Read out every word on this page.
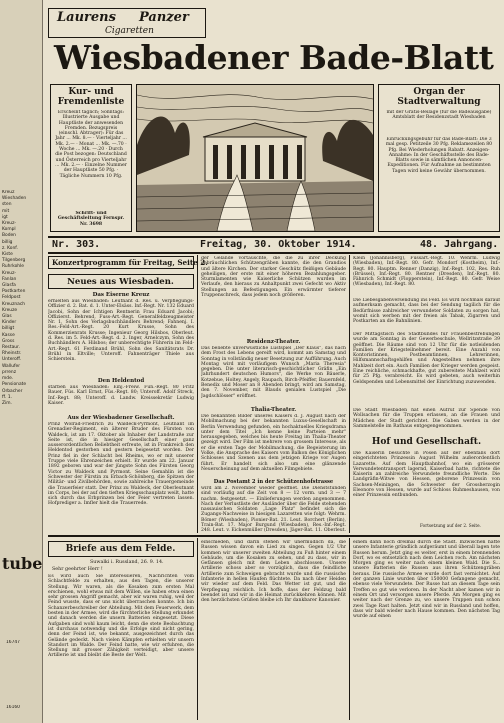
Kreuz
Wieshaden
sten
mit
igt
Kreuz-
Kompl
Boden
billig
z. Konf.
Kiste
Tilgenberg
Ruhrkohle
Kreuz-
Fanlan
Glasfa
Postkarten
Feldpost
Kreuznach
Kreuze
Glas
Kinder
billigt
Kasse
Gross
Restaur.
Rheinstr.
Unteroff.
Wallufer
prrenz
mde.
Pensionate
Orbacher
ff. 1.
Zim.
tube
16160
16747
Laurens Panzer
Cigaretten
Wiesbadener Bade-Blatt
Kur- und Fremdenliste
Erscheint täglich; Sonntags: Illustrierte Ausgabe und Hauptliste der anwesenden Fremden. Bezugspreis (einschl. Abtrager): Für das Jahr ... Mk. 8.— · Vierteljahr ... Mk. 2.— · Monat ... Mk. —.70 · Woche ... Mk. —.20 · Durch die Post bezogen: Deutschland und Österreich pro Vierteljahr ... Mk. 2.— · Einzelne Nummer der Hauptliste 50 Pfg. · Tägliche Nummern 10 Pfg.
Schrift- und Geschäftsleitung Fernspr. Nr. 3698
Organ der Stadtverwaltung
mit der Gratis-Beilage (für die Badeausgabe) Amtsblatt der Residenzstadt Wiesbaden
Einrückungsgebühr für das Bade-Blatt: Die 3 mal gesp. Petitzeile 30 Pfg. Reklamezeilen 80 Pfg. Bei Wiederholungen Rabatt. Anzeigen-Annahme: In der Geschäftsstelle des Bade-Blatts sowie in sämtlichen Annoncen-Expeditionen. Für Aufnahme an bestimmten Tagen wird keine Gewähr übernommen.
Nr. 303.	Freitag, 30. Oktober 1914.	48. Jahrgang.
Konzertprogramm für Freitag, Seite 2.
Neues aus Wiesbaden.
Das Eiserne Kreuz
erhielten aus Wiesbaden: Leutnant d. Res. u. Verpflegungs-Offizier d. 2. Bat. d. 1. Unter-Elsäss. Inf.-Regt. Nr. 132 Eduard Jacobi, Sohn der Ichtigen Rentnerin Frau Eduard Jacobi; Offizierst. Behrend, Fuss-Art.-Regt. Generalfeldzeugmeister Nr. 1, Sohn des Verlagsbuchhändlers Behrend; Fahnenj. I. Res.-Feld-Art.-Regt. 20 Kurt Krusse, Sohn des Kommerzienrats Krusse; Ingenieur Georg Hilsbos, Oberleut. d. Res. im 5. Feld-Art.-Regt. d. 2. Inger, Arnelczym, Sohn des Buchhändlers A. Hilsbos; der unberechtigte Führerin im Feld-Art.-Regt. 61 Ferdinand Brühl, Sohn des Sanitätsrats Dr. Brühl in Eltville; Unteroff. Fahnenträger Thiele aus Schierstein.
Den Heldentod
starben aus Wiesbaden: Einj.-Freiw. Fün.-Regt. 80 Fritz Bauer, Füs. Karl Ernst, Füs.-Regt. 80; Unteroff. Adolf Streck, Inf.-Regt. 88; Unteroff. d. Landw. Kreissekretär Ludwig Kaiser.
Aus der Wiesbadener Gesellschaft.
Prinz Wolrad-Friedrich zu Waldeck-Pyrmont, Leutnant im Grenadier-Regiment, ein älterer Bruder des Fürsten von Waldeck, ist am 17. Oktober als Inhaber der Landstraße zur Seite ist, die in hiesiger Gesellschaft einer ganz ausserordentlichen Beliebtheit erfreute, ist in Frankreich den Heldentod gestorben und gestern beigesetzt worden. Der Prinz fiel in der Schlacht bei Rheims, wo er mit unserer Truppe viele Ehrenzeichen erhielt. Er wurde am 22. Januar 1892 geboren und war der jüngste Sohn des Fürsten Georg Victor zu Waldeck und Pyrmont. Seine Gemahlin ist die Schwester der Fürstin zu Erbach-Schönberg, die Spitzen der Militär- und Zivilbehörden, sowie zahlreiche Trauergemeinde die Trauerfeier statt. Der Prinz zu Waldeck, der Oberleutnant im Corps, bei der auf den tieften Kriegsschauplatz weilt, hatte sich durch das Erbprinzen bei der Feier vertreten lassen. Hofprediger a. Imfler hielt die Trauerrede.
der Gelände vortäuschte, die die zu ihrer Deckung gebräuchlichen Schützengräben kannte, die den Grandios und ältere Kirchen. Der starker Geschütz fleißigen Gebäude geheiligen, der erste mit einer höheren Bezahlungsgeber. Sturmlamenten wie Kaiserliche Schützen wurden im Verlaufe, den hieraus zu Anhaltpunkt zwei Gefecht wo Aktiv Stellungen an Befestigungen. Ein erwärmter tieferer Truppenschreck, dass jedem noch größeren.
Residenz-Theater.
Das beliebte unverwüstliche Lustspiel „Der Klaus", das nach dem Frost des Lebens gereift wird, kommt am Samstag und Sonntag in vollständig neuer Besetzung zur Aufführung. Auch Montag wird mit vorläufigem Wunsch „Maria Theresia" gegeben. Die unter literarisch-geschichtlicher Gräfin „Ein Jahrhundert deutschen Humors", die Werke von Bäuerle, Kotzebue, Holtey, Angely, Raupach, Birch-Pfeiffer, Bauernfeld, Benedix und Moser an 8 Abenden bringt, wird am Samstag, den 7. November, mit Blauds genialen Lustspiel „Die Jagdschlösser" eröffnet.
Thalia-Theater.
Die bekannten Bilder unseres Kaisers d. J. August nach der Mobilmachung bei der bekannten Luxus-Gesellschaft in Berlin Verwendung gefunden, ein hochaktuelles Kriegsdrama unter dem Titel „Ich kenne keine Parteien mehr" herausgegeben, welches bis heute Freitag im Thalia-Theater gezeigt wird. Der Film ist mehrere von grossem Interesse, als er die ersten Tage der Mobilmachung, die Begeisterung im Volke, die Ansprache des Kaisers vom Balkon des Königlichen Schlosses und Szenen aus dem jetzigen Kriege vor Augen führt. Er handelt sich also um eine glänzende Neuerscheinung auf dem aktuellen Filmgebiete.
Das Postamt 2 in der Schützenhofstrasse
wird am 2. November wieder geöffnet. Die Dienststunden sind vorläufig auf die Zeit von 8 — 12 vorm. und 3 — 7 nachm. festgesetzt. — Einlieferungen werden angenommen. Nach der Verlustliste der Ausländer über die Felde stehenden nassauischen Soldaten „Lage Platz" befindet sich die Zugangs-Nachweise in hiesigen Lazaretten wie folgt: Wehrm. Bömer (Wiesbaden), Pionier-Bat. 21. Leut. Borchert (Berlin), Train-Bat. 17. Major Burgund (Wiesbaden), Res.-Inf.-Regt. 248. Leut. v. Eickenmüller (Dresden), Jäger-Bat. 11. Oberleut.
Klein (Johannisberg), Fussart.-Regt. 10. Wehrm. Ludwig (Wiesbaden), Inf.-Regt. 80. Gefr. Mondorf (Kostheim), Inf.-Regt. 80. Hauptm. Renner (Danzig), Inf.-Regt. 102, Res. Ruh (Brüssel), Inf.-Regt. 80. Rentner (Dresden), Inf.-Regt. 80. Fähnrich Schmidt (Flopperstein), Inf.-Regt. 80. Gefr. Weise (Wiesbaden), Inf.-Regt. 80.
Die Liebesgabenversendung ins Feld. Es wird nochmals darauf aufmerksam gemacht, dass bei der Sendung tagilich für die Bedürfnisse zahlreicher verwundeter Soldaten zu sorgen hat, womit sich werben mit der freien als Tabak, Zigarren und Postkarten an die Bahnlinien.
Der Mittagstisch des Stadtbundes für Frauenbestrebungen wurde am Sonntag in der Gewerbeschule, Wellritzstraße 39 geöffnet. Die Räume sind von 12 Uhr für die notleidenden Familien der Kriegsteilnehmer bereit. Eine Anzahl von Kontoristinnen, Postbeamtinnen, Lehrerinnen, Hilfsmannschaftsgehilfen und Angestellten nehmen ihre Mahlzeit dort ein. Auch Familien der Krieger werden gespeist. Eine reichliche, schmackhafte, gut zubereitete Mahlzeit wird für 25 Pfg. verabreicht. Es wird gebeten, auch weiterhin Geldspenden und Lebensmittel der Einrichtung zuzuwenden.
Die Stadt Wiesbaden hat einen Aufruf zur Spende von Wollsachen für die Truppen erlassen, an die Frauen und Mädchen der Stadt gerichtet. Die Gaben werden in der Sammelstelle im Rathaus entgegengenommen.
Hof und Gesellschaft.
Die Kaiserin besuchte in Posen auf der ebenfalls dort eingerichteten Prinzessin August Wilhelm außerordentlich Lazarette. Auf dem Hauptbahnhof, wo ein grösserer Verwundetentransport lagernd, Kaiserbad hatte, richtete die Kaiserin an zahlreiche Verwundete freundliche Worte. Die Landgräfin-Witwe von Hessen, geborene Prinzessin von Sachsen-Meiningen, die Schwester der Grossherzogin Eleonore von Hessen, wurde auf Schloss Ruhmeshausen, von einer Prinzessin entbunden.
Fortsetzung auf der 2. Seite.
Briefe aus dem Felde.
Suwalki i. Russland, 26. 9. 14.
Sehr geehrter Herr !
Es wird auch Sie interessieren, Nachrichten vom Schlachtfelde zu erhalten, aus den Tagen, die unserer Stellung. Wir waren, als die Kosaken zum ersten Mal erschienen, wohl etwas mit dem Willen, sie haben etwa einen sehr grossen Angriff gemacht, aber wir waren ruhig, weil der Feind wusste, dass er uns nicht überraschen konnte. Ich bin Schanzerbeschreiber der Abteilung. Mit dem Feuerwerk, dem besten in der Armee, wird die fürchterliche Stellung erkundet und danach werden die unsern Batterien eingesetzt. Diese Aufgaben sind wohl kaum leicht, denn die stete Beobachtung ist durchaus notwendig und die Erfolge sind nicht gering, denn der Feind ist, wie bekannt, ausgezeichnet durch das Gelände gedeckt. Nach vielen Kämpfen erhielten wir unsern Standort im Walde. Der Feind hatte, wie wir erfuhren, die Stellung mit grosser Zähigkeit verteidigt, aber unsere Artillerie ist und bleibt die Beste der Welt.
einschieden, und darin stehen wir unermüdlich da, die Russen wissen davon ein Lied zu singen. Gegen 1/2 Uhr kommen wir unserer zweiten Abteilung zu Fuß hinter einem Gebäude, um die Kosaken zu sehen, und zu dass, wir in Gefänsen gleich mit dem Leben abschlossen. Unsere Artillerie schoss aber so vorzüglich, dass die feindliche Artillerie zum Schweigen gebracht wurde und die russische Infanterie in hellen Haufen flüchtete. Da nach über Heiden wir wieder auf dem Feld. Das Wetter ist gut, und die Verpflegung reichlich. Ich hoffe, dass der Feldzug bald beendet ist und wir in die Heimat zurückkehren können. Mit den herzlichsten Grüßen bleibe ich Ihr dankbarer Kanonier.
einem dann noch dreimal durch die Stadt. Inzwischen hatte unsere Infanterie gründlich aufgeräumt und überall lagen tote Russen herum. Jetzt ging es weiter, erst in einem brennenden Dorf, wo es entsetzlich nach dem Leichen roch. Am nächsten Morgen ging es weiter nach einem kleinen Wald. Die S... unsere Batterien die Russen aus ihren Schützengräben heraus. Die russische Armee wurde dort fast vernichtet. Auf der ganzen Linie wurden über 150000 Gefangene gemacht, ebenso viele Verwundete. Der Russe hat an diesem Tage sein Treffen so gut wie verloren. In der Nacht aber kamen wir in einem Ort und versorgen unsere Pferde. Am Morgen ging es weiter nach der Grenze zu, wo unsere Truppen nun schon zwei Tage Rast halten. Jetzt sind wir in Russland und hoffen, dass wir bald wieder nach Hause kommen. Den nächsten Tag wurde auf einen
